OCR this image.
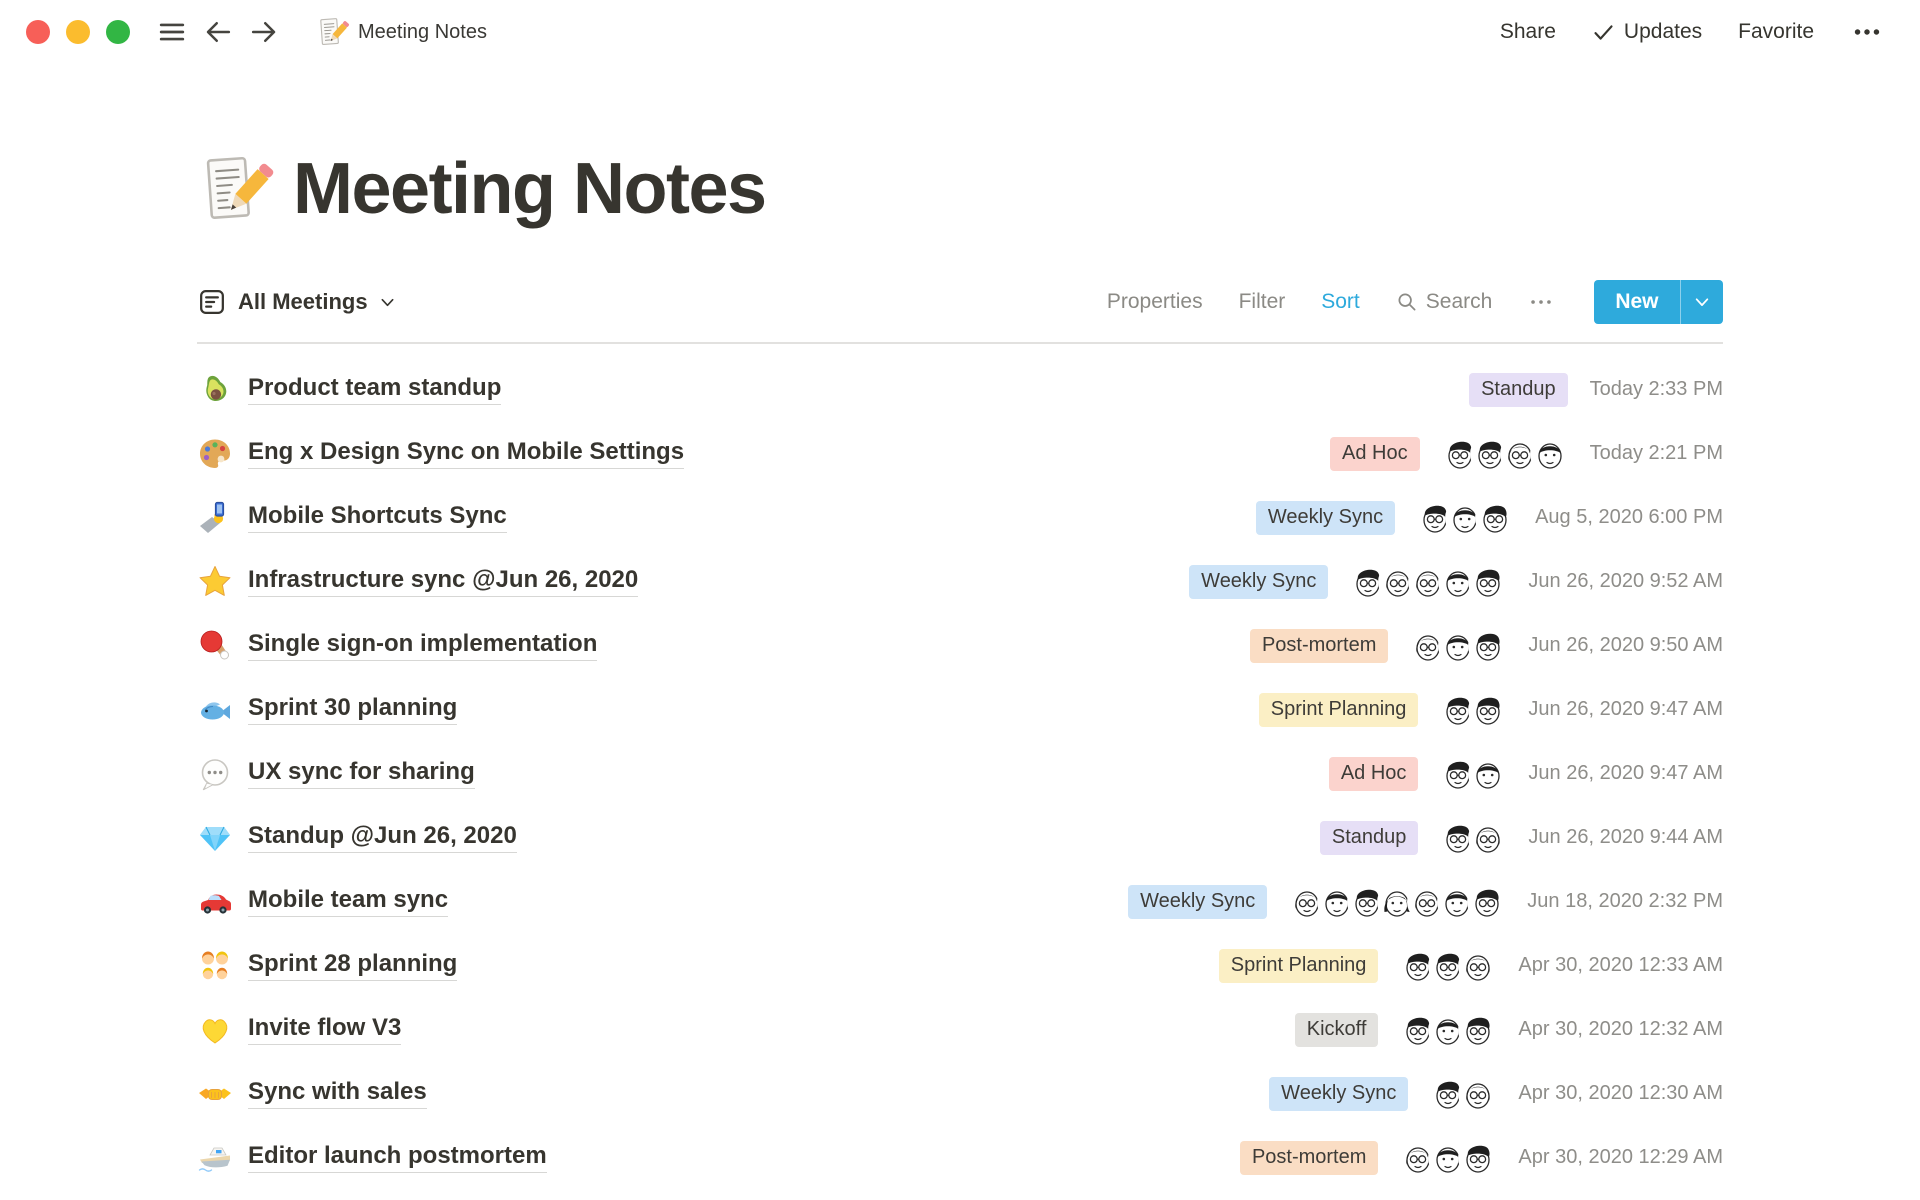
Meeting Notes	Share	Updates Favorite
Meeting Notes
All Meetings	Properties Filter Sort	Search	New
Product team standup	Standup	Today 2:33 PM
Eng x Design Sync on Mobile Settings	Ad Hoc	Today 2:21 PM
Mobile Shortcuts Sync	Weekly Sync	Aug 5, 2020 6:00 PM
Infrastructure sync @Jun 26, 2020	Weekly Sync	Jun 26, 2020 9:52 AM
Single sign-on implementation	Post-mortem	Jun 26, 2020 9:50 AM
Sprint 30 planning	Sprint Planning	Jun 26, 2020 9:47 AM
UX sync for sharing	Ad Hoc	Jun 26, 2020 9:47 AM
Standup @Jun 26, 2020	Standup	Jun 26, 2020 9:44 AM
Mobile team sync	Weekly Sync	Jun 18, 2020 2:32 PM
Sprint 28 planning	Sprint Planning	Apr 30, 2020 12:33 AM
Invite flow V3	Kickoff	Apr 30, 2020 12:32 AM
Sync with sales	Weekly Sync	Apr 30, 2020 12:30 AM
Editor launch postmortem	Post-mortem	Apr 30, 2020 12:29 AM
